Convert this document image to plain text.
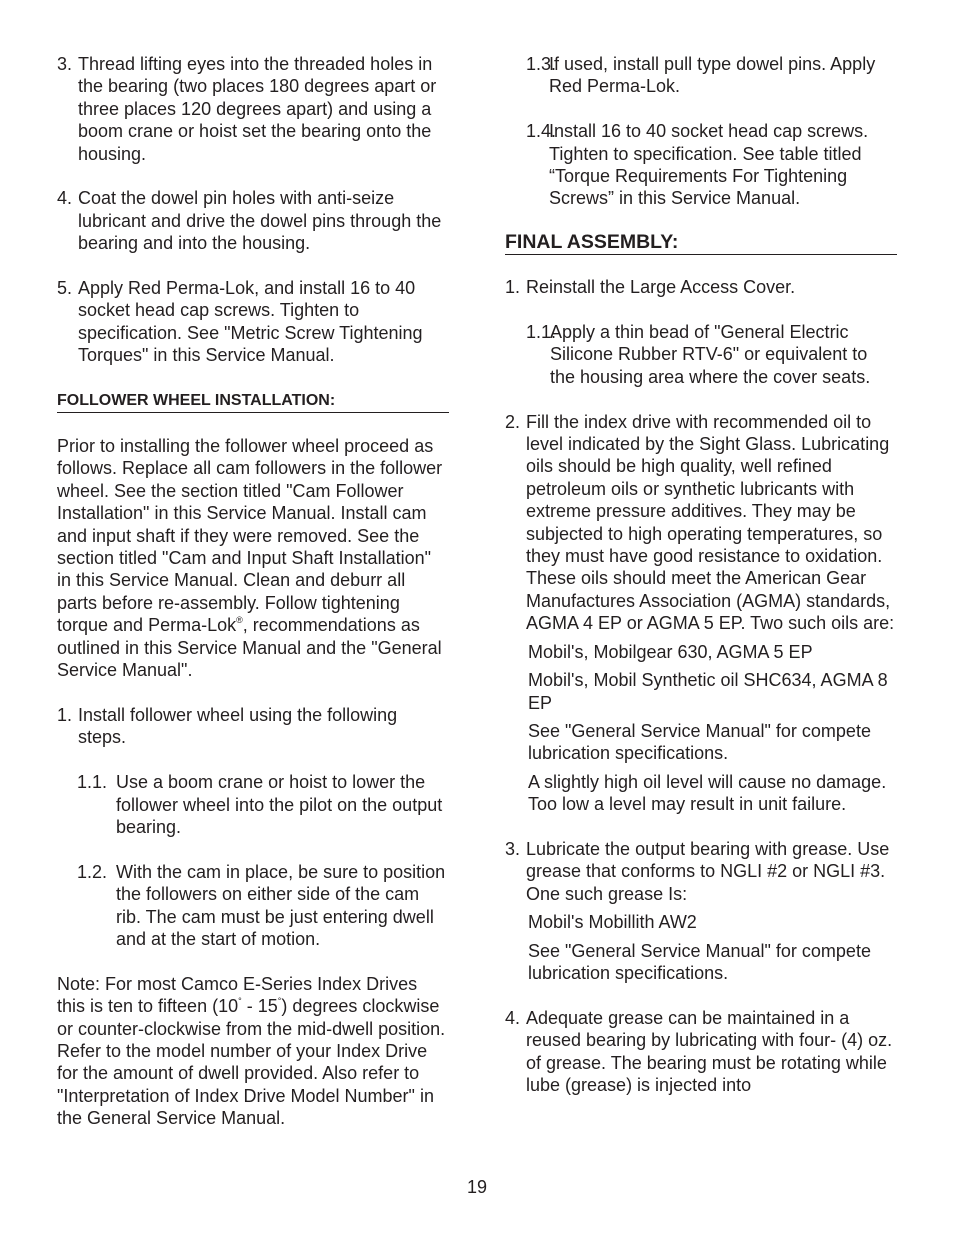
3. Thread lifting eyes into the threaded holes in the bearing (two places 180 degrees apart or three places 120 degrees apart) and using a boom crane or hoist set the bearing onto the housing.

4. Coat the dowel pin holes with anti-seize lubricant and drive the dowel pins through the bearing and into the housing.

5. Apply Red Perma-Lok, and install 16 to 40 socket head cap screws. Tighten to specification. See "Metric Screw Tightening Torques" in this Service Manual.

FOLLOWER WHEEL INSTALLATION:

Prior to installing the follower wheel proceed as follows. Replace all cam followers in the follower wheel. See the section titled "Cam Follower Installation" in this Service Manual. Install cam and input shaft if they were removed. See the section titled "Cam and Input Shaft Installation" in this Service Manual. Clean and deburr all parts before re-assembly. Follow tightening torque and Perma-Lok®, recommendations as outlined in this Service Manual and the "General Service Manual".

1. Install follower wheel using the following steps.

1.1. Use a boom crane or hoist to lower the follower wheel into the pilot on the output bearing.

1.2. With the cam in place, be sure to position the followers on either side of the cam rib. The cam must be just entering dwell and at the start of motion.

Note: For most Camco E-Series Index Drives this is ten to fifteen (10° - 15°) degrees clockwise or counter-clockwise from the mid-dwell position. Refer to the model number of your Index Drive for the amount of dwell provided. Also refer to "Interpretation of Index Drive Model Number" in the General Service Manual.

1.3.

If used, install pull type dowel pins. Apply Red Perma-Lok.

1.4.

Install 16 to 40 socket head cap screws. Tighten to specification. See table titled “Torque Requirements For Tightening Screws” in this Service Manual.

FINAL ASSEMBLY:
1. Reinstall the Large Access Cover.

1.1.

Apply a thin bead of "General Electric Silicone Rubber RTV-6" or equivalent to the housing area where the cover seats.

2. Fill the index drive with recommended oil to level indicated by the Sight Glass. Lubricating oils should be high quality, well refined petroleum oils or synthetic lubricants with extreme pressure additives. They may be subjected to high operating temperatures, so they must have good resistance to oxidation. These oils should meet the American Gear Manufactures Association (AGMA) standards, AGMA 4 EP or AGMA 5 EP. Two such oils are:

Mobil's, Mobilgear 630, AGMA 5 EP

Mobil's, Mobil Synthetic oil SHC634, AGMA 8 EP

See "General Service Manual" for compete lubrication specifications.

A slightly high oil level will cause no damage. Too low a level may result in unit failure.

3. Lubricate the output bearing with grease. Use grease that conforms to NGLI #2 or NGLI #3. One such grease Is:

Mobil's Mobillith AW2

See "General Service Manual" for compete lubrication specifications.

4. Adequate grease can be maintained in a reused bearing by lubricating with four- (4) oz. of grease. The bearing must be rotating while lube (grease) is injected into

19
